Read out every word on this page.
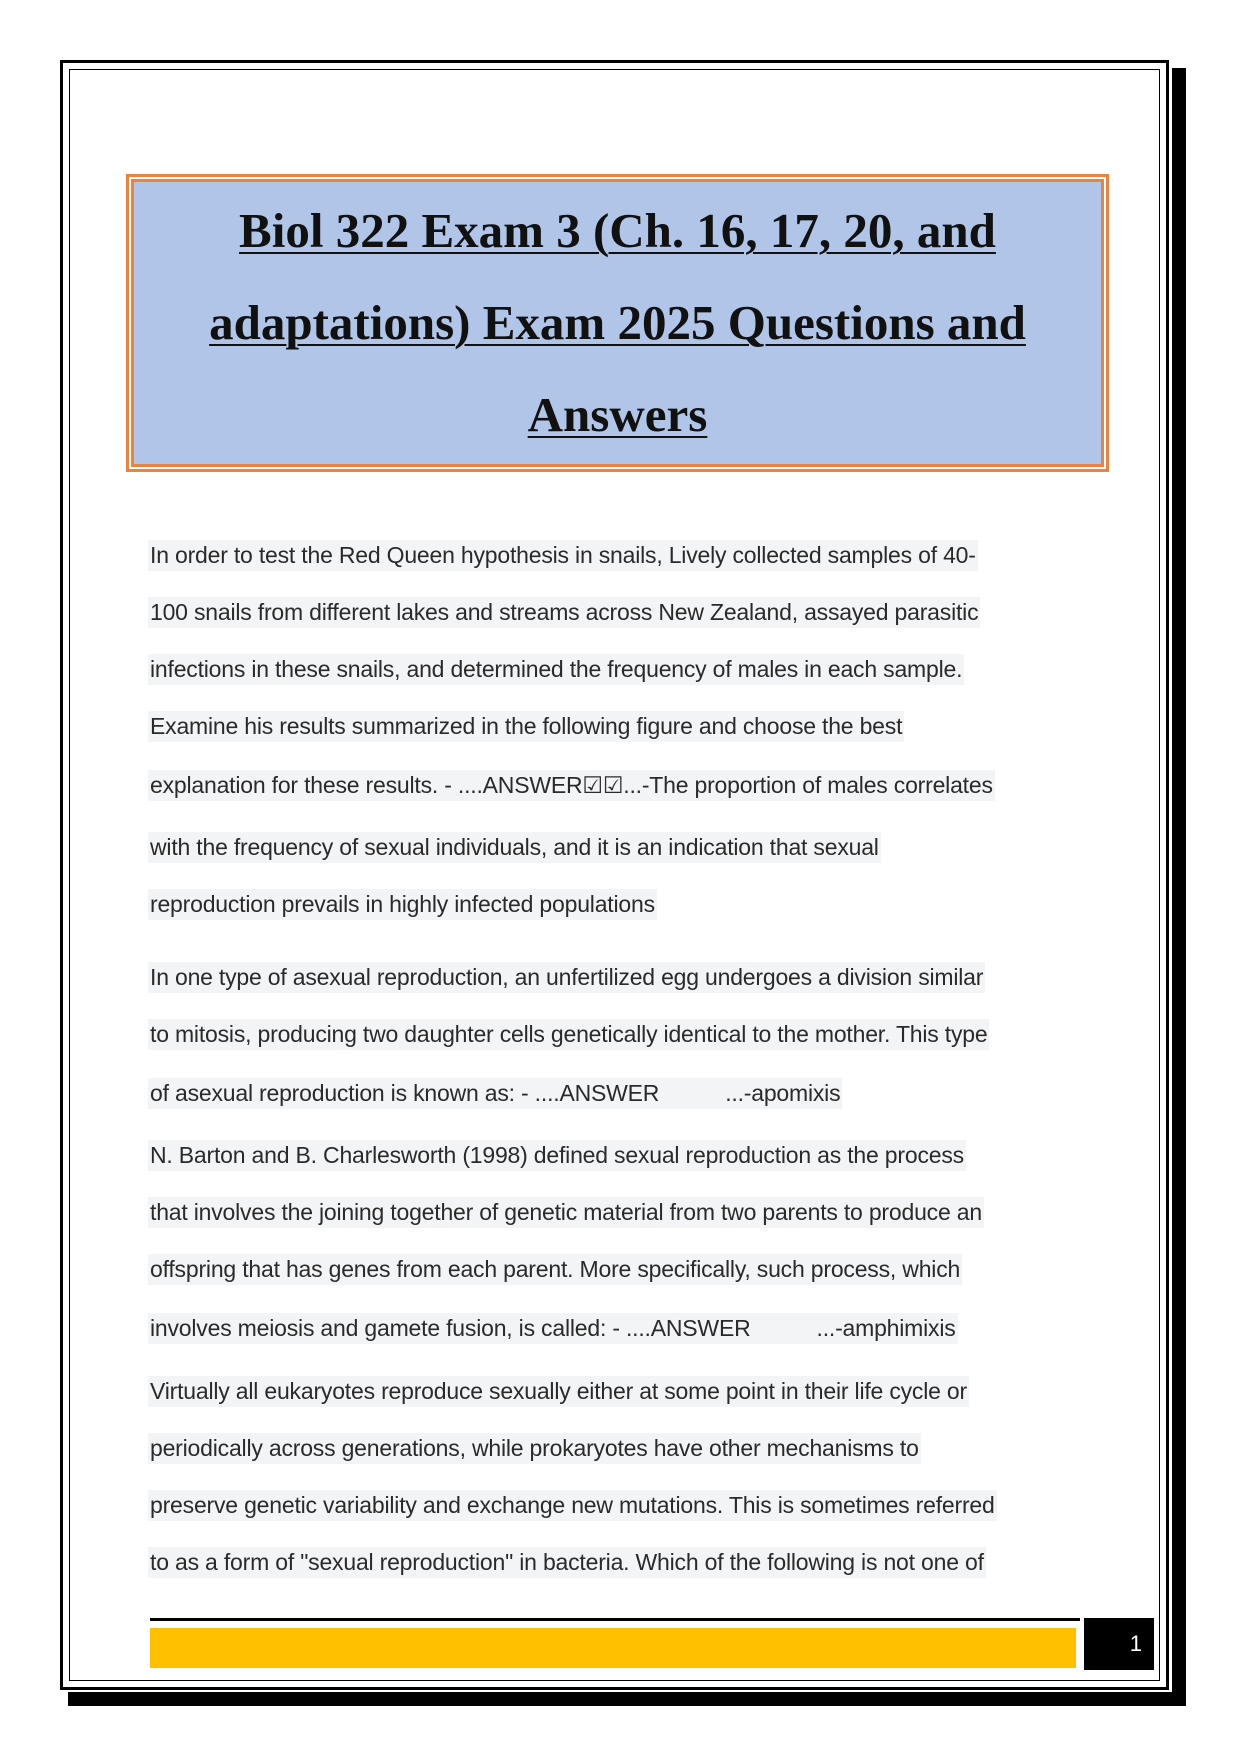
Biol 322 Exam 3 (Ch. 16, 17, 20, and
adaptations) Exam 2025 Questions and
Answers
In order to test the Red Queen hypothesis in snails, Lively collected samples of 40-
100 snails from different lakes and streams across New Zealand, assayed parasitic
infections in these snails, and determined the frequency of males in each sample.
Examine his results summarized in the following figure and choose the best
explanation for these results. - ....ANSWER☑☑...-The proportion of males correlates
with the frequency of sexual individuals, and it is an indication that sexual
reproduction prevails in highly infected populations
In one type of asexual reproduction, an unfertilized egg undergoes a division similar
to mitosis, producing two daughter cells genetically identical to the mother. This type
of asexual reproduction is known as: - ....ANSWER	...-apomixis
N. Barton and B. Charlesworth (1998) defined sexual reproduction as the process
that involves the joining together of genetic material from two parents to produce an
offspring that has genes from each parent. More specifically, such process, which
involves meiosis and gamete fusion, is called: - ....ANSWER	...-amphimixis
Virtually all eukaryotes reproduce sexually either at some point in their life cycle or
periodically across generations, while prokaryotes have other mechanisms to
preserve genetic variability and exchange new mutations. This is sometimes referred
to as a form of "sexual reproduction" in bacteria. Which of the following is not one of
1
